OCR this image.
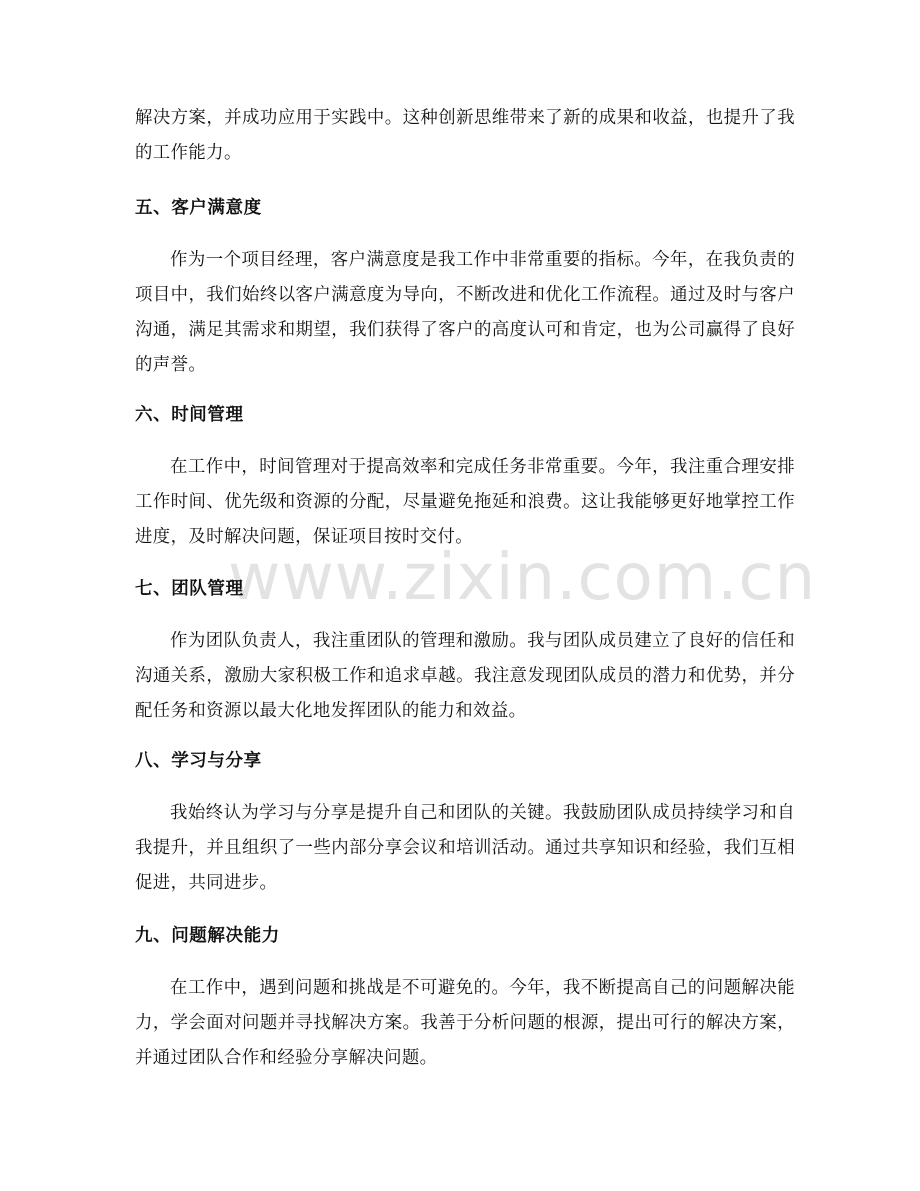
www.zixin.com.cn

解决方案，并成功应用于实践中。这种创新思维带来了新的成果和收益，也提升了我的工作能力。

五、客户满意度

作为一个项目经理，客户满意度是我工作中非常重要的指标。今年，在我负责的项目中，我们始终以客户满意度为导向，不断改进和优化工作流程。通过及时与客户沟通，满足其需求和期望，我们获得了客户的高度认可和肯定，也为公司赢得了良好的声誉。

六、时间管理

在工作中，时间管理对于提高效率和完成任务非常重要。今年，我注重合理安排工作时间、优先级和资源的分配，尽量避免拖延和浪费。这让我能够更好地掌控工作进度，及时解决问题，保证项目按时交付。

七、团队管理

作为团队负责人，我注重团队的管理和激励。我与团队成员建立了良好的信任和沟通关系，激励大家积极工作和追求卓越。我注意发现团队成员的潜力和优势，并分配任务和资源以最大化地发挥团队的能力和效益。

八、学习与分享

我始终认为学习与分享是提升自己和团队的关键。我鼓励团队成员持续学习和自我提升，并且组织了一些内部分享会议和培训活动。通过共享知识和经验，我们互相促进，共同进步。

九、问题解决能力

在工作中，遇到问题和挑战是不可避免的。今年，我不断提高自己的问题解决能力，学会面对问题并寻找解决方案。我善于分析问题的根源，提出可行的解决方案，并通过团队合作和经验分享解决问题。
